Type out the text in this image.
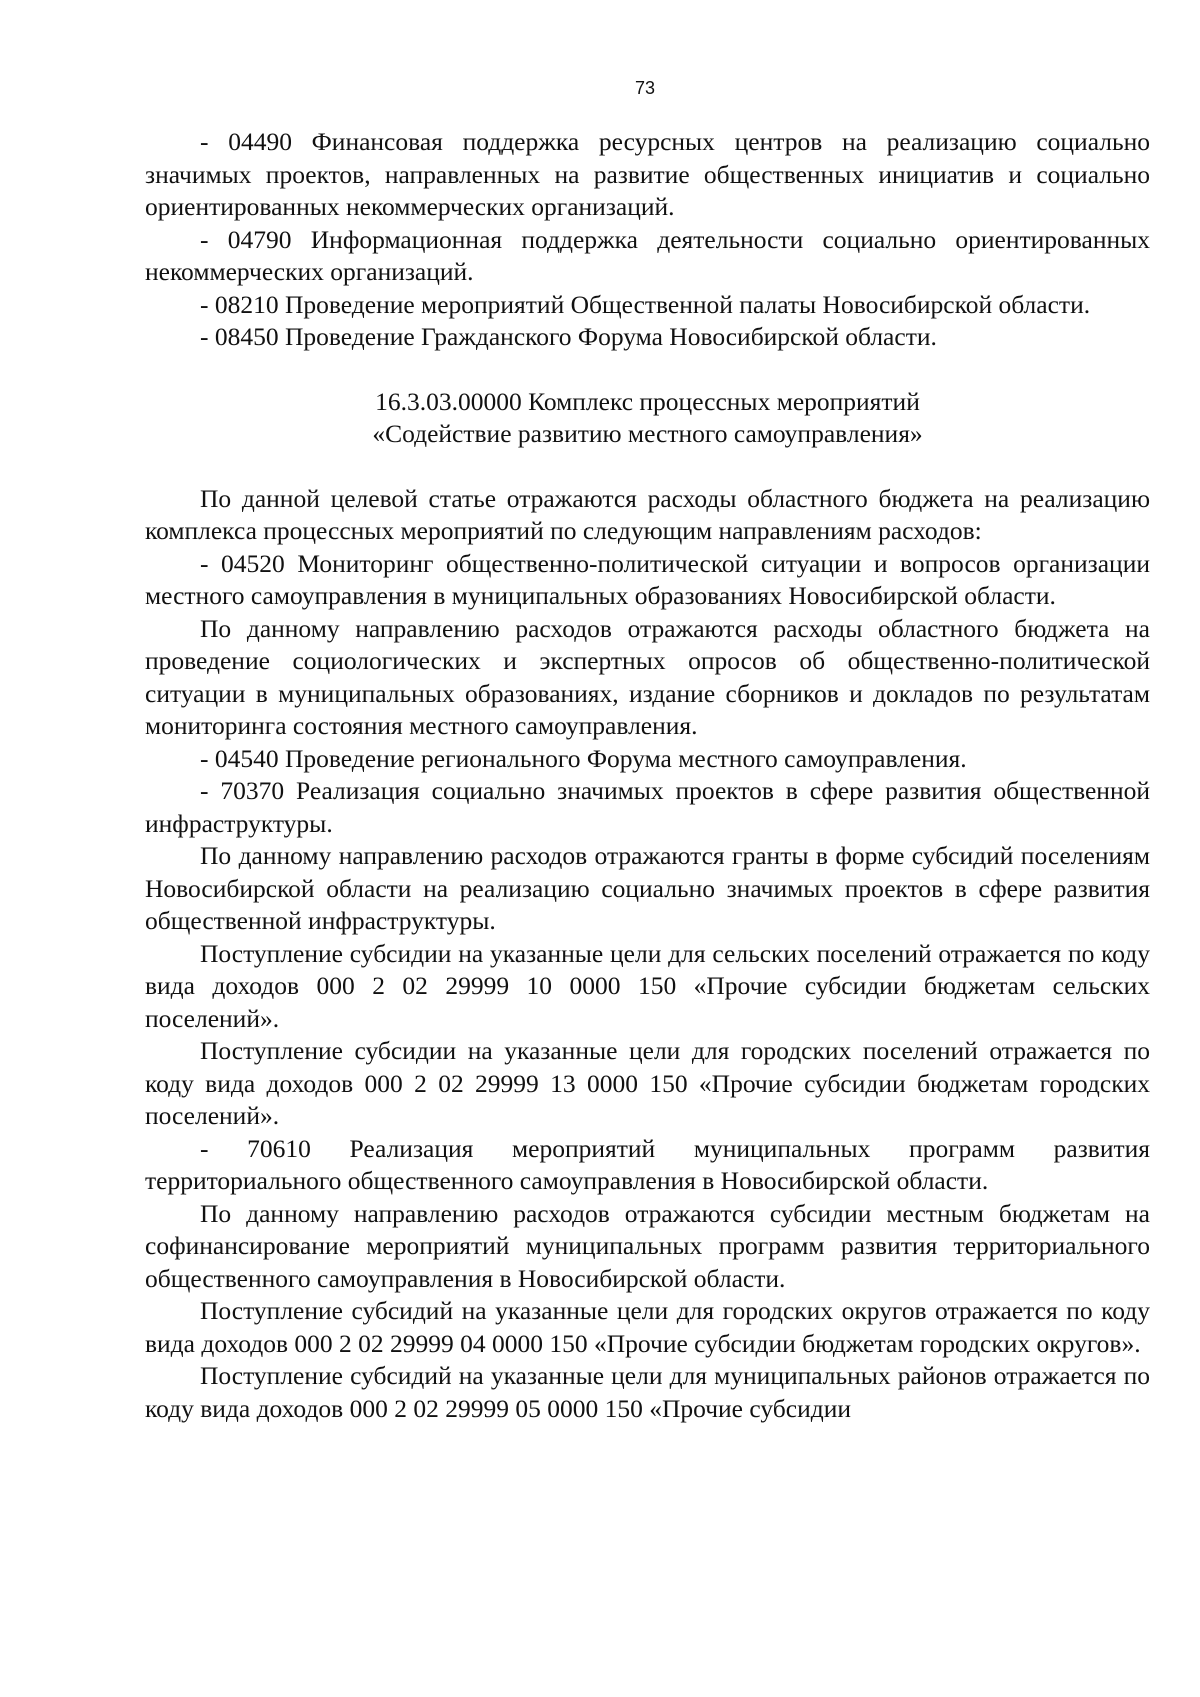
73

- 04490 Финансовая поддержка ресурсных центров на реализацию социально значимых проектов, направленных на развитие общественных инициатив и социально ориентированных некоммерческих организаций.

- 04790 Информационная поддержка деятельности социально ориентированных некоммерческих организаций.

- 08210 Проведение мероприятий Общественной палаты Новосибирской области.

- 08450 Проведение Гражданского Форума Новосибирской области.

16.3.03.00000 Комплекс процессных мероприятий

«Содействие развитию местного самоуправления»

По данной целевой статье отражаются расходы областного бюджета на реализацию комплекса процессных мероприятий по следующим направлениям расходов:

- 04520 Мониторинг общественно-политической ситуации и вопросов организации местного самоуправления в муниципальных образованиях Новосибирской области.

По данному направлению расходов отражаются расходы областного бюджета на проведение социологических и экспертных опросов об общественно-политической ситуации в муниципальных образованиях, издание сборников и докладов по результатам мониторинга состояния местного самоуправления.

- 04540 Проведение регионального Форума местного самоуправления.

- 70370 Реализация социально значимых проектов в сфере развития общественной инфраструктуры.

По данному направлению расходов отражаются гранты в форме субсидий поселениям Новосибирской области на реализацию социально значимых проектов в сфере развития общественной инфраструктуры.

Поступление субсидии на указанные цели для сельских поселений отражается по коду вида доходов 000 2 02 29999 10 0000 150 «Прочие субсидии бюджетам сельских поселений».

Поступление субсидии на указанные цели для городских поселений отражается по коду вида доходов 000 2 02 29999 13 0000 150 «Прочие субсидии бюджетам городских поселений».

- 70610 Реализация мероприятий муниципальных программ развития территориального общественного самоуправления в Новосибирской области.

По данному направлению расходов отражаются субсидии местным бюджетам на софинансирование мероприятий муниципальных программ развития территориального общественного самоуправления в Новосибирской области.

Поступление субсидий на указанные цели для городских округов отражается по коду вида доходов 000 2 02 29999 04 0000 150 «Прочие субсидии бюджетам городских округов».

Поступление субсидий на указанные цели для муниципальных районов отражается по коду вида доходов 000 2 02 29999 05 0000 150 «Прочие субсидии
